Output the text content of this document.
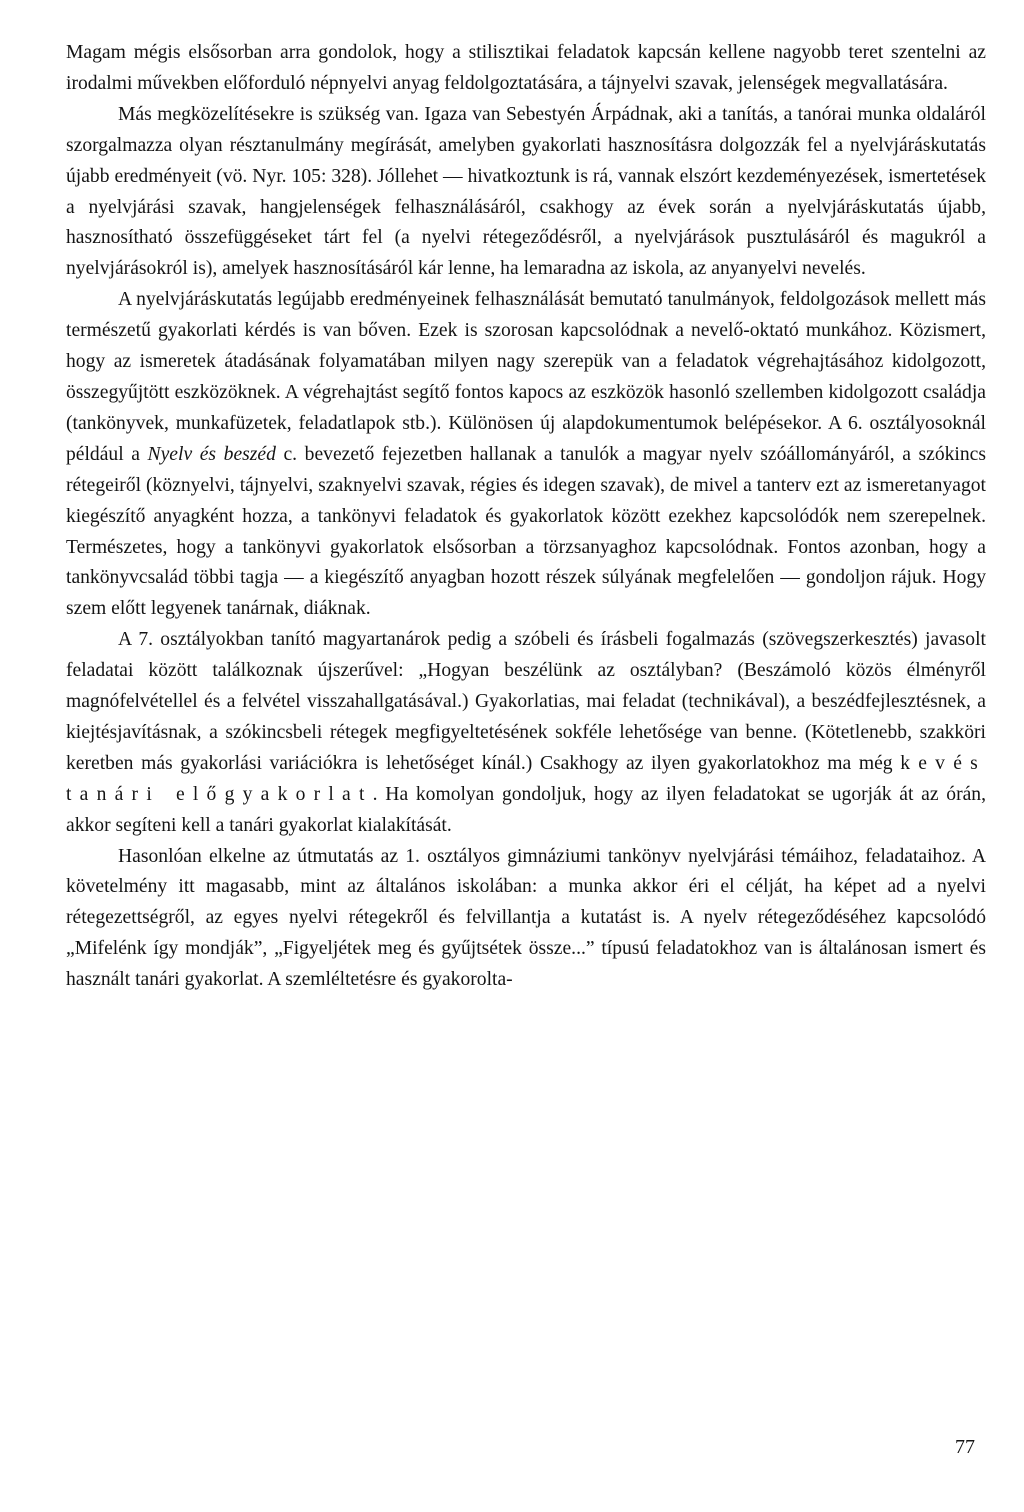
Magam mégis elsősorban arra gondolok, hogy a stilisztikai feladatok kapcsán kellene nagyobb teret szentelni az irodalmi művekben előforduló népnyelvi anyag feldolgoztatására, a tájnyelvi szavak, jelenségek megvallatására.

Más megközelítésekre is szükség van. Igaza van Sebestyén Árpádnak, aki a tanítás, a tanórai munka oldaláról szorgalmazza olyan résztanulmány megírását, amelyben gyakorlati hasznosításra dolgozzák fel a nyelvjáráskutatás újabb eredményeit (vö. Nyr. 105: 328). Jóllehet — hivatkoztunk is rá, vannak elszórt kezdeményezések, ismertetések a nyelvjárási szavak, hangjelenségek felhasználásáról, csakhogy az évek során a nyelvjáráskutatás újabb, hasznosítható összefüggéseket tárt fel (a nyelvi rétegeződésről, a nyelvjárások pusztulásáról és magukról a nyelvjárásokról is), amelyek hasznosításáról kár lenne, ha lemaradna az iskola, az anyanyelvi nevelés.

A nyelvjáráskutatás legújabb eredményeinek felhasználását bemutató tanulmányok, feldolgozások mellett más természetű gyakorlati kérdés is van bőven. Ezek is szorosan kapcsolódnak a nevelő-oktató munkához. Közismert, hogy az ismeretek átadásának folyamatában milyen nagy szerepük van a feladatok végrehajtásához kidolgozott, összegyűjtött eszközöknek. A végrehajtást segítő fontos kapocs az eszközök hasonló szellemben kidolgozott családja (tankönyvek, munkafüzetek, feladatlapok stb.). Különösen új alapdokumentumok belépésekor. A 6. osztályosoknál például a Nyelv és beszéd c. bevezető fejezetben hallanak a tanulók a magyar nyelv szóállományáról, a szókincs rétegeiről (köznyelvi, tájnyelvi, szaknyelvi szavak, régies és idegen szavak), de mivel a tanterv ezt az ismeretanyagot kiegészítő anyagként hozza, a tankönyvi feladatok és gyakorlatok között ezekhez kapcsolódók nem szerepelnek. Természetes, hogy a tankönyvi gyakorlatok elsősorban a törzsanyaghoz kapcsolódnak. Fontos azonban, hogy a tankönyvcsalád többi tagja — a kiegészítő anyagban hozott részek súlyának megfelelően — gondoljon rájuk. Hogy szem előtt legyenek tanárnak, diáknak.

A 7. osztályokban tanító magyartanárok pedig a szóbeli és írásbeli fogalmazás (szövegszerkesztés) javasolt feladatai között találkoznak újszerűvel: „Hogyan beszélünk az osztályban? (Beszámoló közös élményről magnófelvétellel és a felvétel visszahallgatásával.) Gyakorlatias, mai feladat (technikával), a beszédfejlesztésnek, a kiejtésjavításnak, a szókincsbeli rétegek megfigyeltetésének sokféle lehetősége van benne. (Kötetlenebb, szakköri keretben más gyakorlási variációkra is lehetőséget kínál.) Csakhogy az ilyen gyakorlatokhoz ma még kevés tanári előgyakorlat. Ha komolyan gondoljuk, hogy az ilyen feladatokat se ugorják át az órán, akkor segíteni kell a tanári gyakorlat kialakítását.

Hasonlóan elkelne az útmutatás az 1. osztályos gimnáziumi tankönyv nyelvjárási témáihoz, feladataihoz. A követelmény itt magasabb, mint az általános iskolában: a munka akkor éri el célját, ha képet ad a nyelvi rétegezettségről, az egyes nyelvi rétegekről és felvillantja a kutatást is. A nyelv rétegeződéséhez kapcsolódó „Mifelénk így mondják”, „Figyeljétek meg és gyűjtsétek össze...” típusú feladatokhoz van is általánosan ismert és használt tanári gyakorlat. A szemléltetésre és gyakorolta-

77
